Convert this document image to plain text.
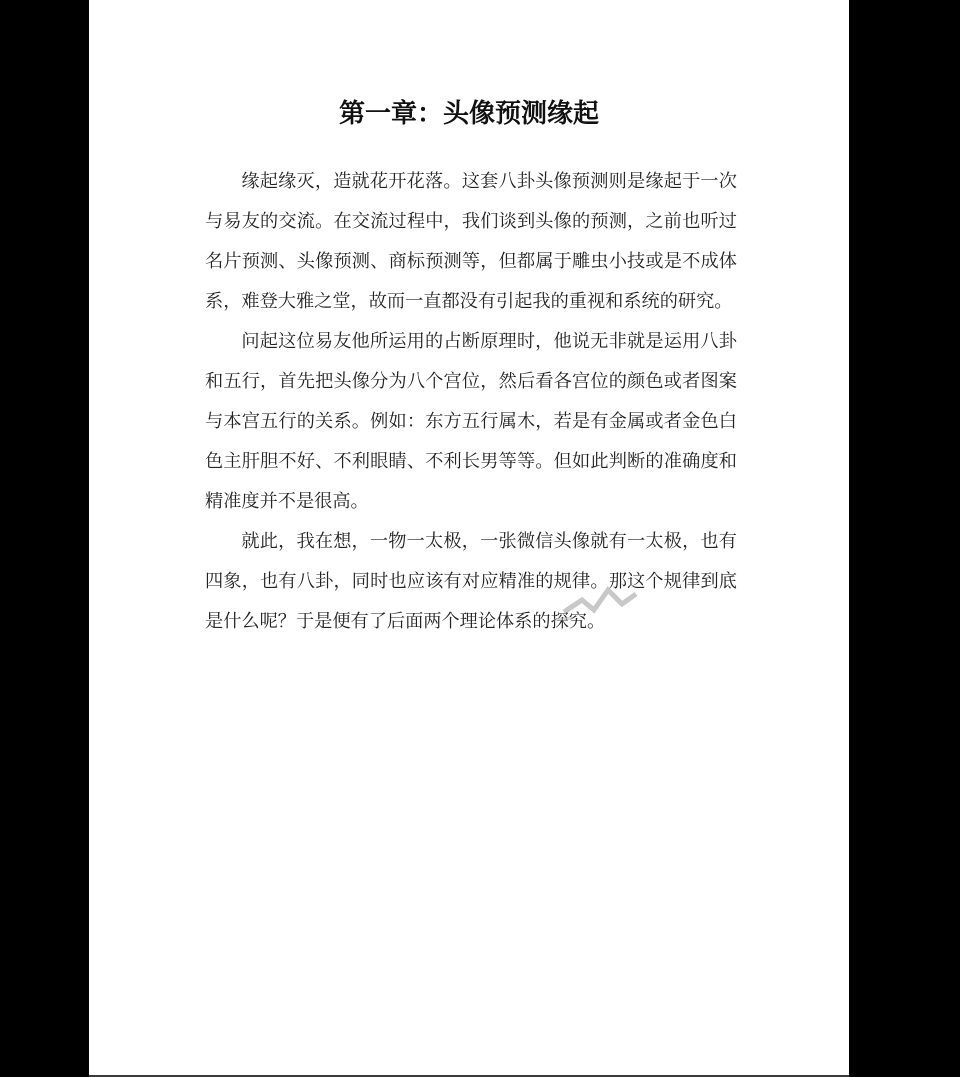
第一章：头像预测缘起

缘起缘灭，造就花开花落。这套八卦头像预测则是缘起于一次与易友的交流。在交流过程中，我们谈到头像的预测，之前也听过名片预测、头像预测、商标预测等，但都属于雕虫小技或是不成体系，难登大雅之堂，故而一直都没有引起我的重视和系统的研究。

问起这位易友他所运用的占断原理时，他说无非就是运用八卦和五行，首先把头像分为八个宫位，然后看各宫位的颜色或者图案与本宫五行的关系。例如：东方五行属木，若是有金属或者金色白色主肝胆不好、不利眼睛、不利长男等等。但如此判断的准确度和精准度并不是很高。

就此，我在想，一物一太极，一张微信头像就有一太极，也有四象，也有八卦，同时也应该有对应精准的规律。那这个规律到底是什么呢？于是便有了后面两个理论体系的探究。
